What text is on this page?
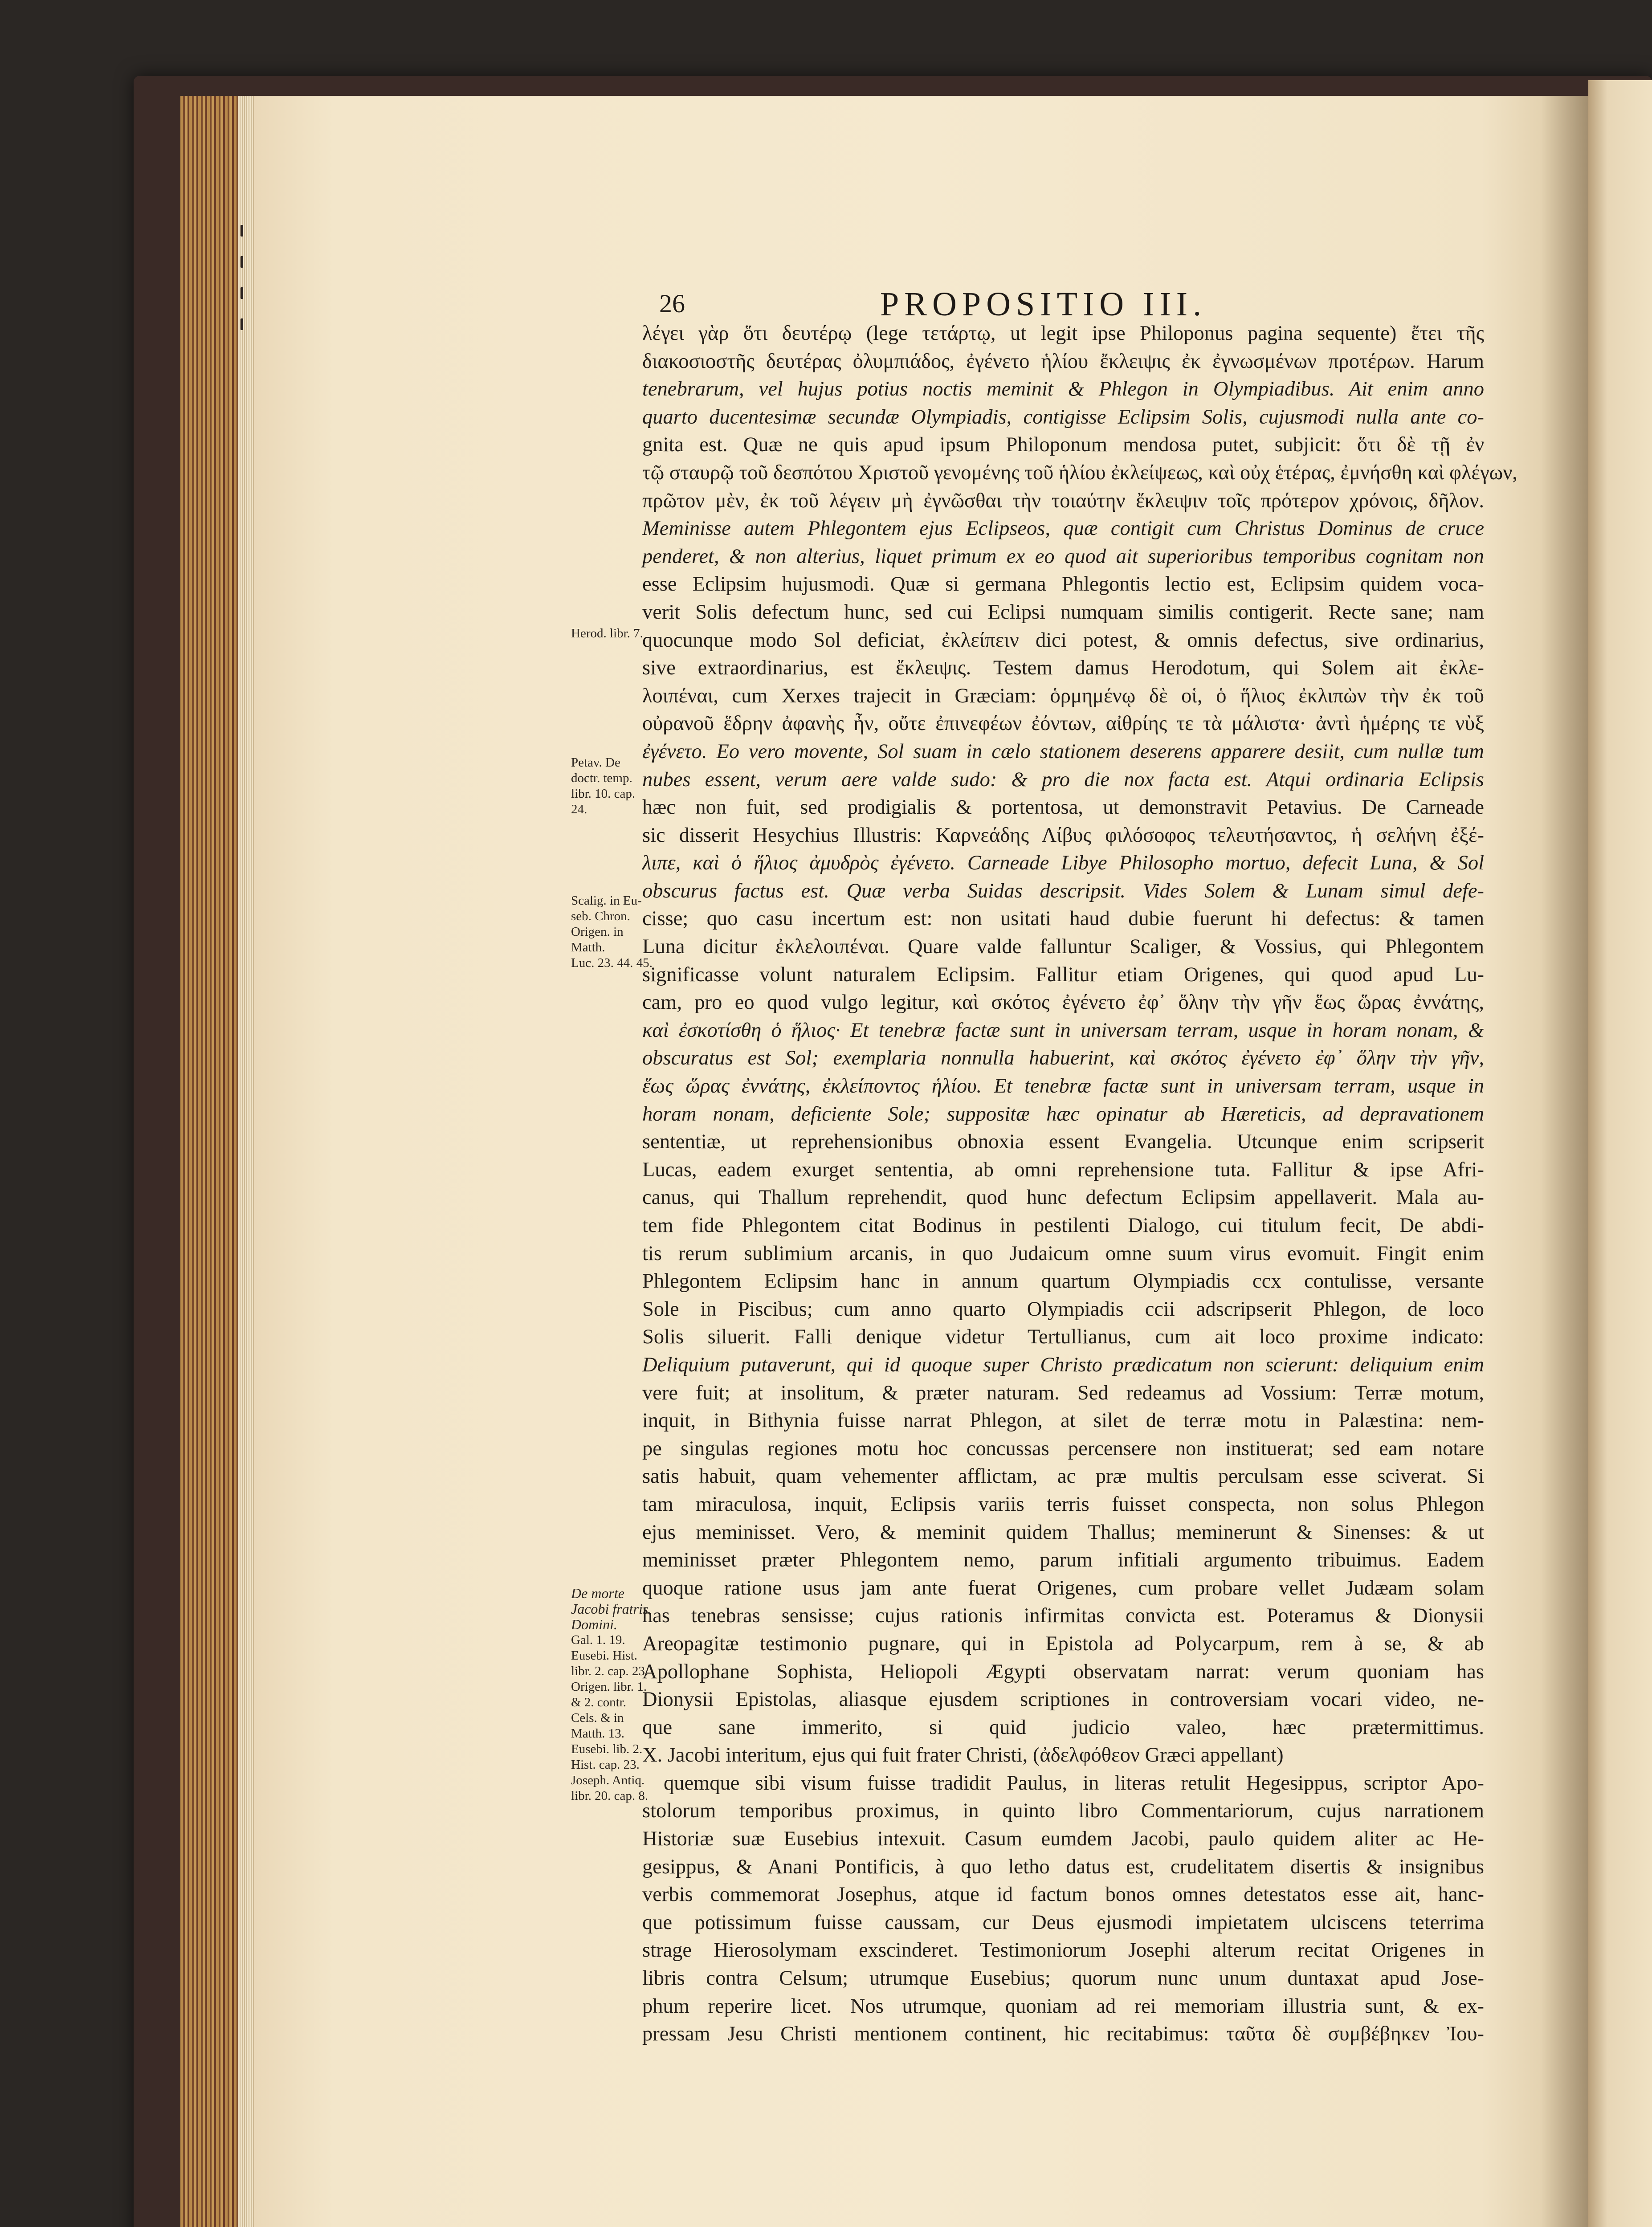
26	PROPOSITIO III.

λέγει γὰρ ὅτι δευτέρῳ (lege τετάρτῳ, ut legit ipse Philoponus pagina sequente) ἔτει τῆς

διακοσιοστῆς δευτέρας ὀλυμπιάδος, ἐγένετο ἡλίου ἔκλειψις ἐκ ἐγνωσμένων προτέρων. Harum

tenebrarum, vel hujus potius noctis meminit & Phlegon in Olympiadibus. Ait enim anno

quarto ducentesimæ secundæ Olympiadis, contigisse Eclipsim Solis, cujusmodi nulla ante co-

gnita est. Quæ ne quis apud ipsum Philoponum mendosa putet, subjicit: ὅτι δὲ τῇ ἐν

τῷ σταυρῷ τοῦ δεσπότου Χριστοῦ γενομένης τοῦ ἡλίου ἐκλείψεως, καὶ οὐχ ἑτέρας, ἐμνήσθη καὶ φλέγων,

πρῶτον μὲν, ἐκ τοῦ λέγειν μὴ ἐγνῶσθαι τὴν τοιαύτην ἔκλειψιν τοῖς πρότερον χρόνοις, δῆλον.

Meminisse autem Phlegontem ejus Eclipseos, quæ contigit cum Christus Dominus de cruce

penderet, & non alterius, liquet primum ex eo quod ait superioribus temporibus cognitam non

esse Eclipsim hujusmodi. Quæ si germana Phlegontis lectio est, Eclipsim quidem voca-

verit Solis defectum hunc, sed cui Eclipsi numquam similis contigerit. Recte sane; nam

quocunque modo Sol deficiat, ἐκλείπειν dici potest, & omnis defectus, sive ordinarius,

sive extraordinarius, est ἔκλειψις. Testem damus Herodotum, qui Solem ait ἐκλε-

λοιπέναι, cum Xerxes trajecit in Græciam: ὁρμημένῳ δὲ οἱ, ὁ ἥλιος ἐκλιπὼν τὴν ἐκ τοῦ

οὐρανοῦ ἕδρην ἀφανὴς ἦν, οὔτε ἐπινεφέων ἐόντων, αἰθρίης τε τὰ μάλιστα· ἀντὶ ἡμέρης τε νὺξ

ἐγένετο. Eo vero movente, Sol suam in cælo stationem deserens apparere desiit, cum nullæ tum

nubes essent, verum aere valde sudo: & pro die nox facta est. Atqui ordinaria Eclipsis

hæc non fuit, sed prodigialis & portentosa, ut demonstravit Petavius. De Carneade

sic disserit Hesychius Illustris: Καρνεάδης Λίβυς φιλόσοφος τελευτήσαντος, ἡ σελήνη ἐξέ-

λιπε, καὶ ὁ ἥλιος ἀμυδρὸς ἐγένετο. Carneade Libye Philosopho mortuo, defecit Luna, & Sol

obscurus factus est. Quæ verba Suidas descripsit. Vides Solem & Lunam simul defe-

cisse; quo casu incertum est: non usitati haud dubie fuerunt hi defectus: & tamen

Luna dicitur ἐκλελοιπέναι. Quare valde falluntur Scaliger, & Vossius, qui Phlegontem

significasse volunt naturalem Eclipsim. Fallitur etiam Origenes, qui quod apud Lu-

cam, pro eo quod vulgo legitur, καὶ σκότος ἐγένετο ἐφ᾽ ὅλην τὴν γῆν ἕως ὥρας ἐννάτης,

καὶ ἐσκοτίσθη ὁ ἥλιος· Et tenebræ factæ sunt in universam terram, usque in horam nonam, &

obscuratus est Sol; exemplaria nonnulla habuerint, καὶ σκότος ἐγένετο ἐφ᾽ ὅλην τὴν γῆν,

ἕως ὥρας ἐννάτης, ἐκλείποντος ἡλίου. Et tenebræ factæ sunt in universam terram, usque in

horam nonam, deficiente Sole; suppositæ hæc opinatur ab Hæreticis, ad depravationem

sententiæ, ut reprehensionibus obnoxia essent Evangelia. Utcunque enim scripserit

Lucas, eadem exurget sententia, ab omni reprehensione tuta. Fallitur & ipse Afri-

canus, qui Thallum reprehendit, quod hunc defectum Eclipsim appellaverit. Mala au-

tem fide Phlegontem citat Bodinus in pestilenti Dialogo, cui titulum fecit, De abdi-

tis rerum sublimium arcanis, in quo Judaicum omne suum virus evomuit. Fingit enim

Phlegontem Eclipsim hanc in annum quartum Olympiadis ccx contulisse, versante

Sole in Piscibus; cum anno quarto Olympiadis ccii adscripserit Phlegon, de loco

Solis siluerit. Falli denique videtur Tertullianus, cum ait loco proxime indicato:

Deliquium putaverunt, qui id quoque super Christo prædicatum non scierunt: deliquium enim

vere fuit; at insolitum, & præter naturam. Sed redeamus ad Vossium: Terræ motum,

inquit, in Bithynia fuisse narrat Phlegon, at silet de terræ motu in Palæstina: nem-

pe singulas regiones motu hoc concussas percensere non instituerat; sed eam notare

satis habuit, quam vehementer afflictam, ac præ multis perculsam esse sciverat. Si

tam miraculosa, inquit, Eclipsis variis terris fuisset conspecta, non solus Phlegon

ejus meminisset. Vero, & meminit quidem Thallus; meminerunt & Sinenses: & ut

meminisset præter Phlegontem nemo, parum infitiali argumento tribuimus. Eadem

quoque ratione usus jam ante fuerat Origenes, cum probare vellet Judæam solam

has tenebras sensisse; cujus rationis infirmitas convicta est. Poteramus & Dionysii

Areopagitæ testimonio pugnare, qui in Epistola ad Polycarpum, rem à se, & ab

Apollophane Sophista, Heliopoli Ægypti observatam narrat: verum quoniam has

Dionysii Epistolas, aliasque ejusdem scriptiones in controversiam vocari video, ne-

que sane immerito, si quid judicio valeo, hæc prætermittimus.

X. Jacobi interitum, ejus qui fuit frater Christi, (ἀδελφόθεον Græci appellant)

quemque sibi visum fuisse tradidit Paulus, in literas retulit Hegesippus, scriptor Apo-

stolorum temporibus proximus, in quinto libro Commentariorum, cujus narrationem

Historiæ suæ Eusebius intexuit. Casum eumdem Jacobi, paulo quidem aliter ac He-

gesippus, & Anani Pontificis, à quo letho datus est, crudelitatem disertis & insignibus

verbis commemorat Josephus, atque id factum bonos omnes detestatos esse ait, hanc-

que potissimum fuisse caussam, cur Deus ejusmodi impietatem ulciscens teterrima

strage Hierosolymam exscinderet. Testimoniorum Josephi alterum recitat Origenes in

libris contra Celsum; utrumque Eusebius; quorum nunc unum duntaxat apud Jose-

phum reperire licet. Nos utrumque, quoniam ad rei memoriam illustria sunt, & ex-

pressam Jesu Christi mentionem continent, hic recitabimus: ταῦτα δὲ συμβέβηκεν Ἰου-

Herod. libr. 7.
Petav. De
doctr. temp.
libr. 10. cap.
24.
Scalig. in Eu-
seb. Chron.
Origen. in
Matth.
Luc. 23. 44. 45.
De morte
Jacobi fratris
Domini.
Gal. 1. 19.
Eusebi. Hist.
libr. 2. cap. 23.
Origen. libr. 1.
& 2. contr.
Cels. & in
Matth. 13.
Eusebi. lib. 2.
Hist. cap. 23.
Joseph. Antiq.
libr. 20. cap. 8.
